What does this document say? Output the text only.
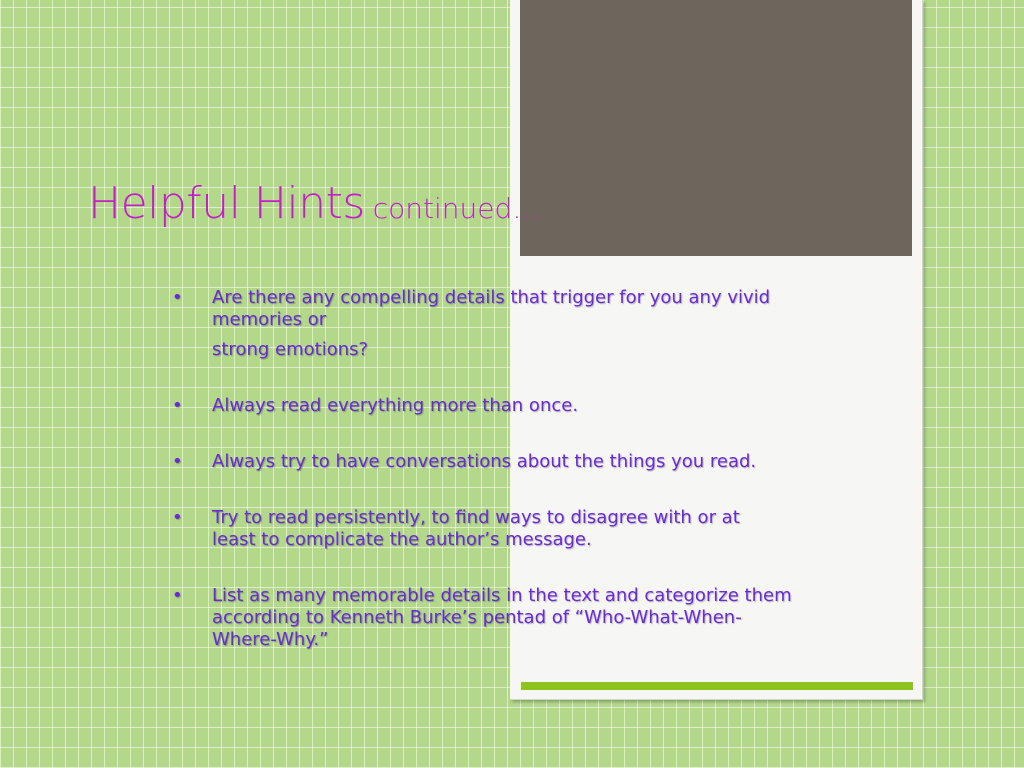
Helpful Hints continued…
•	Are there any compelling details that trigger for you any vivid memories or
strong emotions?
•	Always read everything more than once.
•	Always try to have conversations about the things you read.
•	Try to read persistently, to find ways to disagree with or at least to complicate the author’s message.
•	List as many memorable details in the text and categorize them according to Kenneth Burke’s pentad of “Who-What-When-Where-Why.”
